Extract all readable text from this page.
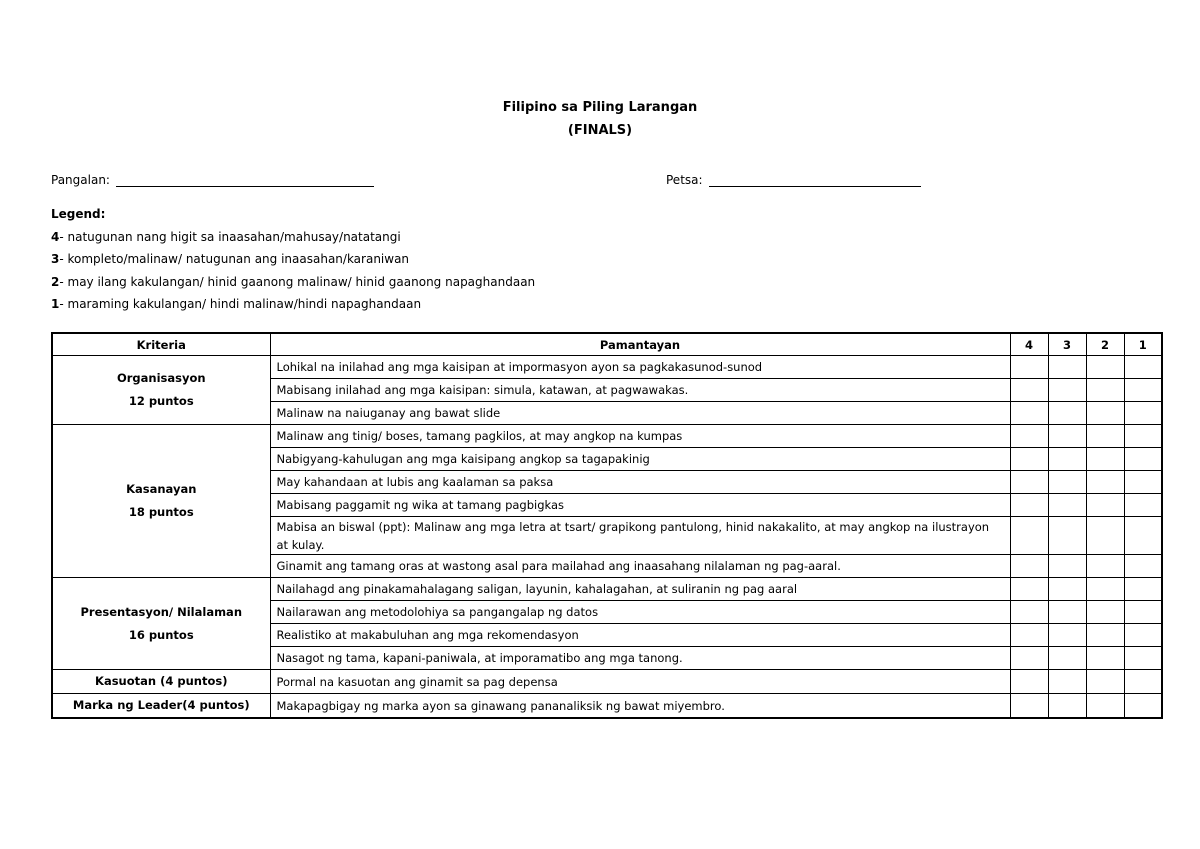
Filipino sa Piling Larangan
(FINALS)
Pangalan:	Petsa:
Legend:
4- natugunan nang higit sa inaasahan/mahusay/natatangi
3- kompleto/malinaw/ natugunan ang inaasahan/karaniwan
2- may ilang kakulangan/ hinid gaanong malinaw/ hinid gaanong napaghandaan
1- maraming kakulangan/ hindi malinaw/hindi napaghandaan
Kriteria	Pamantayan	4	3	2	1

Organisasyon
12 puntos	Lohikal na inilahad ang mga kaisipan at impormasyon ayon sa pagkakasunod-sunod				
	Mabisang inilahad ang mga kaisipan: simula, katawan, at pagwawakas.				
	Malinaw na naiuganay ang bawat slide				

Kasanayan
18 puntos	Malinaw ang tinig/ boses, tamang pagkilos, at may angkop na kumpas				
	Nabigyang-kahulugan ang mga kaisipang angkop sa tagapakinig				
	May kahandaan at lubis ang kaalaman sa paksa				
	Mabisang paggamit ng wika at tamang pagbigkas				
	Mabisa an biswal (ppt): Malinaw ang mga letra at tsart/ grapikong pantulong, hinid nakakalito, at may angkop na ilustrayon at kulay.				
	Ginamit ang tamang oras at wastong asal para mailahad ang inaasahang nilalaman ng pag-aaral.				

Presentasyon/ Nilalaman
16 puntos	Nailahagd ang pinakamahalagang saligan, layunin, kahalagahan, at suliranin ng pag aaral				
	Nailarawan ang metodolohiya sa pangangalap ng datos				
	Realistiko at makabuluhan ang mga rekomendasyon				
	Nasagot ng tama, kapani-paniwala, at imporamatibo ang mga tanong.				
Kasuotan (4 puntos)	Pormal na kasuotan ang ginamit sa pag depensa				
Marka ng Leader(4 puntos)	Makapagbigay ng marka ayon sa ginawang pananaliksik ng bawat miyembro.				
